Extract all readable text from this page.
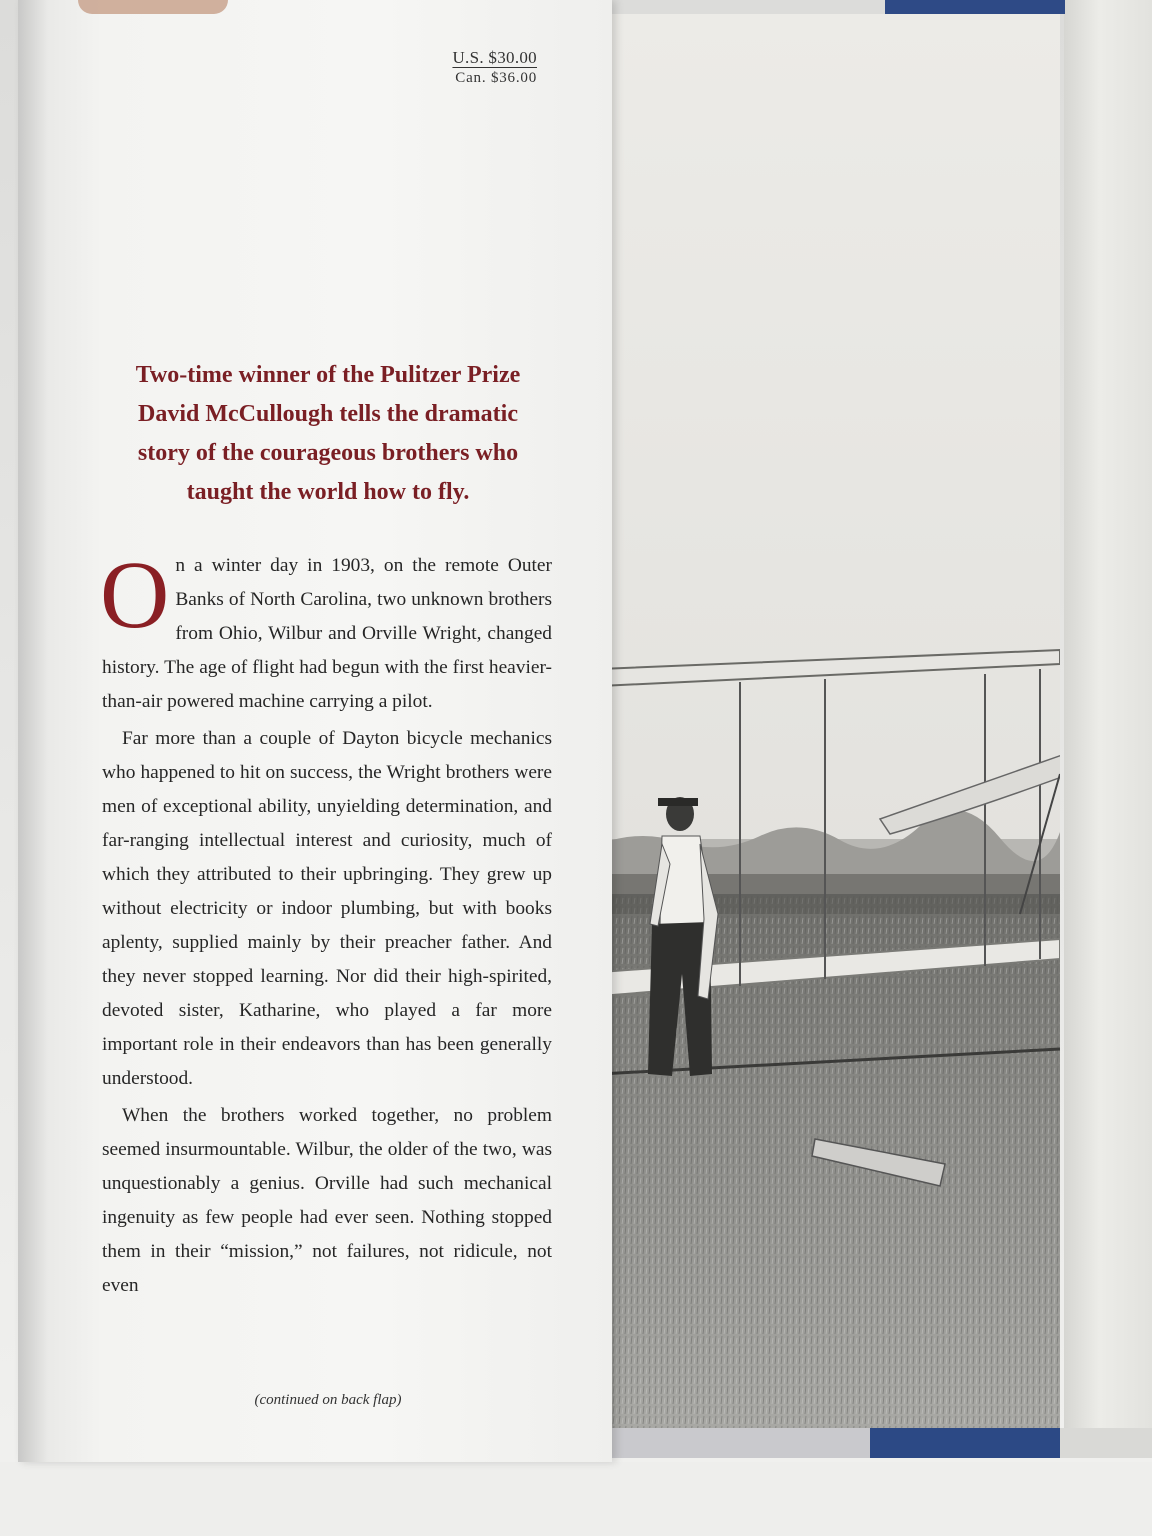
U.S. $30.00
Can. $36.00
Two-time winner of the Pulitzer Prize
David McCullough tells the dramatic
story of the courageous brothers who
taught the world how to fly.

On a winter day in 1903, on the remote Outer Banks of North Carolina, two unknown brothers from Ohio, Wilbur and Orville Wright, changed history. The age of flight had begun with the first heavier-than-air powered machine carrying a pilot.

Far more than a couple of Dayton bicycle mechanics who happened to hit on success, the Wright brothers were men of exceptional ability, unyielding determination, and far-ranging intellectual interest and curiosity, much of which they attributed to their upbringing. They grew up without electricity or indoor plumbing, but with books aplenty, supplied mainly by their preacher father. And they never stopped learning. Nor did their high-spirited, devoted sister, Katharine, who played a far more important role in their endeavors than has been generally understood.

When the brothers worked together, no problem seemed insurmountable. Wilbur, the older of the two, was unquestionably a genius. Orville had such mechanical ingenuity as few people had ever seen. Nothing stopped them in their “mission,” not failures, not ridicule, not even

(continued on back flap)
